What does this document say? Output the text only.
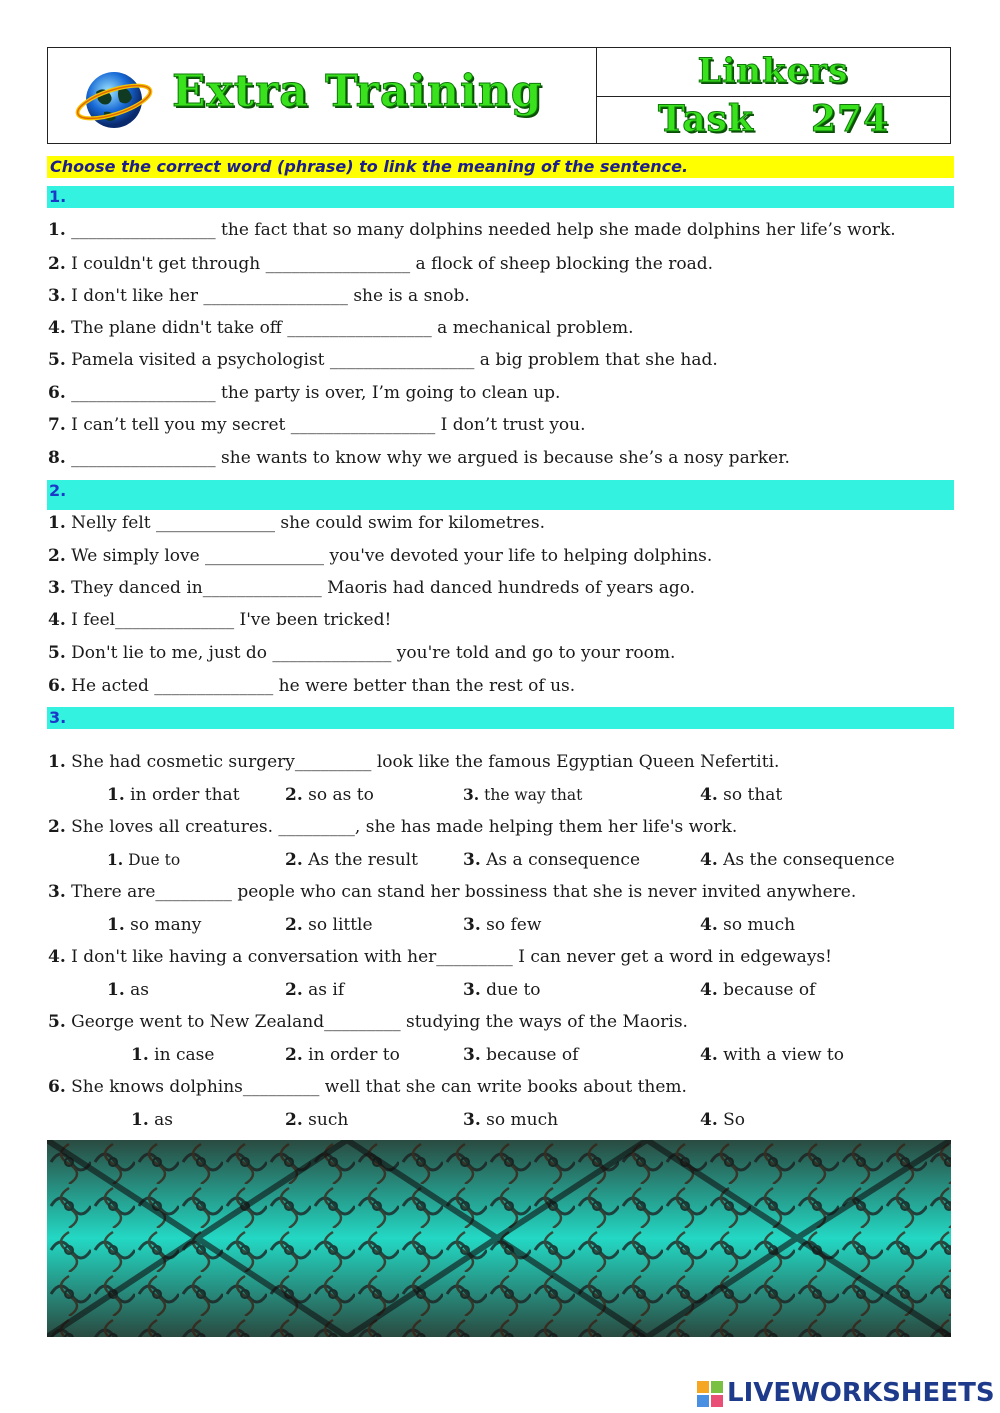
Extra Training	Linkers
Task 274
Choose the correct word (phrase) to link the meaning of the sentence.
1.
1. _________________ the fact that so many dolphins needed help she made dolphins her life’s work.
2. I couldn't get through _________________ a flock of sheep blocking the road.
3. I don't like her _________________ she is a snob.
4. The plane didn't take off _________________ a mechanical problem.
5. Pamela visited a psychologist _________________ a big problem that she had.
6. _________________ the party is over, I’m going to clean up.
7. I can’t tell you my secret _________________ I don’t trust you.
8. _________________ she wants to know why we argued is because she’s a nosy parker.
2.
1. Nelly felt ______________ she could swim for kilometres.
2. We simply love ______________ you've devoted your life to helping dolphins.
3. They danced in______________ Maoris had danced hundreds of years ago.
4. I feel______________ I've been tricked!
5. Don't lie to me, just do ______________ you're told and go to your room.
6. He acted ______________ he were better than the rest of us.
3.
1. She had cosmetic surgery_________ look like the famous Egyptian Queen Nefertiti.
1. in order that	2. so as to	3. the way that	4. so that
2. She loves all creatures. _________, she has made helping them her life's work.
1. Due to	2. As the result	3. As a consequence	4. As the consequence
3. There are_________ people who can stand her bossiness that she is never invited anywhere.
1. so many	2. so little	3. so few	4. so much
4. I don't like having a conversation with her_________ I can never get a word in edgeways!
1. as	2. as if	3. due to	4. because of
5. George went to New Zealand_________ studying the ways of the Maoris.
1. in case	2. in order to	3. because of	4. with a view to
6. She knows dolphins_________ well that she can write books about them.
1. as	2. such	3. so much	4. So
LIVEWORKSHEETS
